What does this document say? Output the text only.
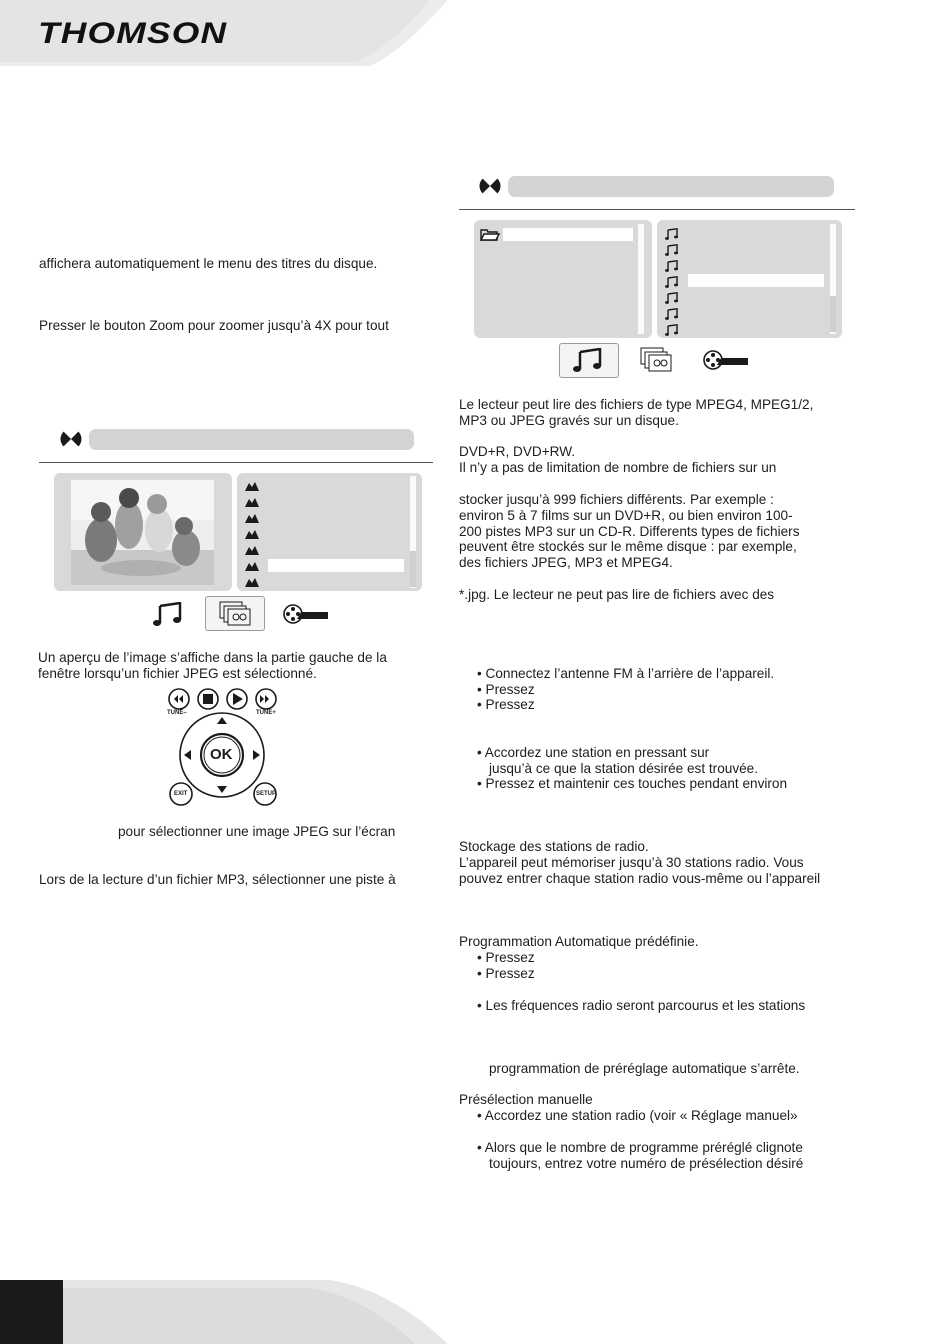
THOMSON
affichera automatiquement le menu des titres du disque.
Presser le bouton Zoom pour zoomer jusqu’à 4X pour tout
Un aperçu de l’image s’affiche dans la partie gauche de la
fenêtre lorsqu’un fichier JPEG est sélectionné.
OK
TUNE–	TUNE+
EXIT	SETUP
pour sélectionner une image JPEG sur l’écran
Lors de la lecture d’un fichier MP3, sélectionner une piste à
Le lecteur peut lire des fichiers de type MPEG4, MPEG1/2,
MP3 ou JPEG gravés sur un disque.
DVD+R, DVD+RW.
Il n’y a pas de limitation de nombre de fichiers sur un
stocker jusqu’à 999 fichiers différents. Par exemple :
environ 5 à 7 films sur un DVD+R, ou bien environ 100-
200 pistes MP3 sur un CD-R. Differents types de fichiers
peuvent être stockés sur le même disque : par exemple,
des fichiers JPEG, MP3 et MPEG4.
*.jpg. Le lecteur ne peut pas lire de fichiers avec des
• Connectez l’antenne FM à l’arrière de l’appareil.
• Pressez
• Pressez
• Accordez une station en pressant sur
jusqu’à ce que la station désirée est trouvée.
• Pressez et maintenir ces touches pendant environ
Stockage des stations de radio.
L’appareil peut mémoriser jusqu’à 30 stations radio. Vous
pouvez entrer chaque station radio vous-même ou l’appareil
Programmation Automatique prédéfinie.
• Pressez
• Pressez
• Les fréquences radio seront parcourus et les stations
programmation de préréglage automatique s’arrête.
Présélection manuelle
• Accordez une station radio (voir « Réglage manuel»
• Alors que le nombre de programme préréglé clignote
toujours, entrez votre numéro de présélection désiré
